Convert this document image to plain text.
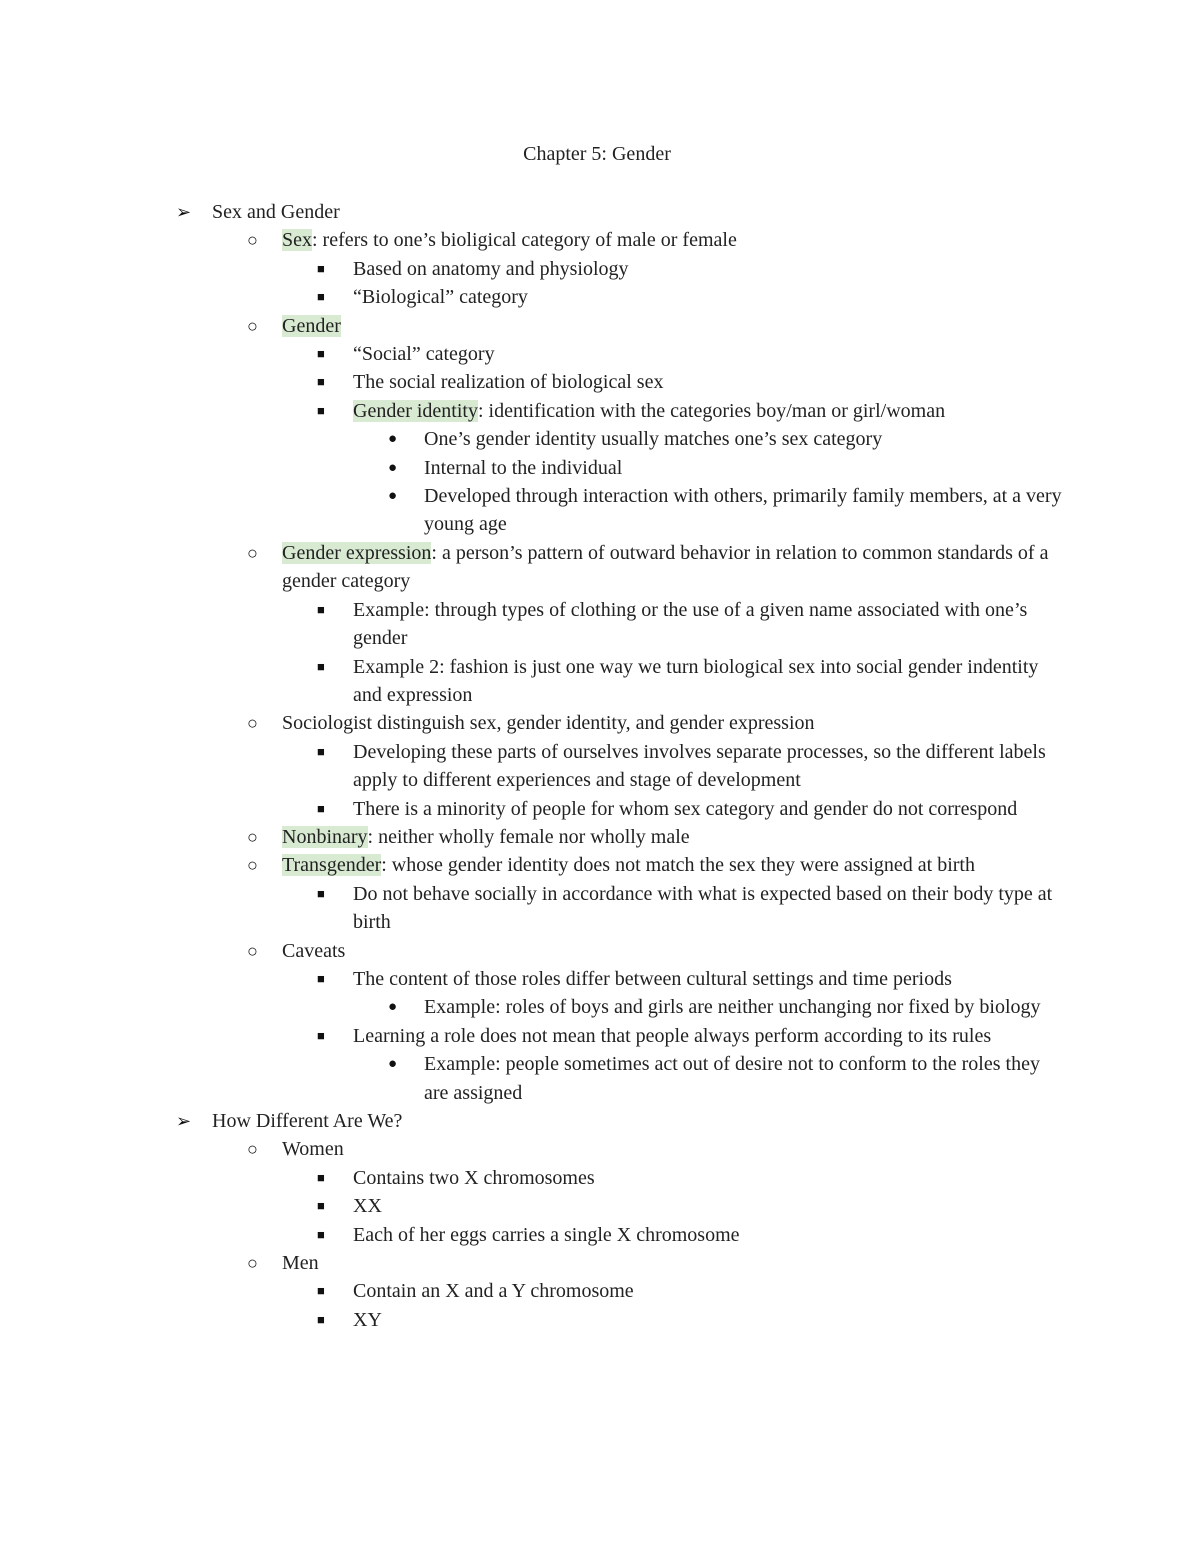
Chapter 5: Gender
➢ Sex and Gender
○ Sex: refers to one’s bioligical category of male or female
■ Based on anatomy and physiology
■ “Biological” category
○ Gender
■ “Social” category
■ The social realization of biological sex
■ Gender identity: identification with the categories boy/man or girl/woman
● One’s gender identity usually matches one’s sex category
● Internal to the individual
● Developed through interaction with others, primarily family members, at a very young age
○ Gender expression: a person’s pattern of outward behavior in relation to common standards of a gender category
■ Example: through types of clothing or the use of a given name associated with one’s gender
■ Example 2: fashion is just one way we turn biological sex into social gender indentity and expression
○ Sociologist distinguish sex, gender identity, and gender expression
■ Developing these parts of ourselves involves separate processes, so the different labels apply to different experiences and stage of development
■ There is a minority of people for whom sex category and gender do not correspond
○ Nonbinary: neither wholly female nor wholly male
○ Transgender: whose gender identity does not match the sex they were assigned at birth
■ Do not behave socially in accordance with what is expected based on their body type at birth
○ Caveats
■ The content of those roles differ between cultural settings and time periods
● Example: roles of boys and girls are neither unchanging nor fixed by biology
■ Learning a role does not mean that people always perform according to its rules
● Example: people sometimes act out of desire not to conform to the roles they are assigned
➢ How Different Are We?
○ Women
■ Contains two X chromosomes
■ XX
■ Each of her eggs carries a single X chromosome
○ Men
■ Contain an X and a Y chromosome
■ XY
